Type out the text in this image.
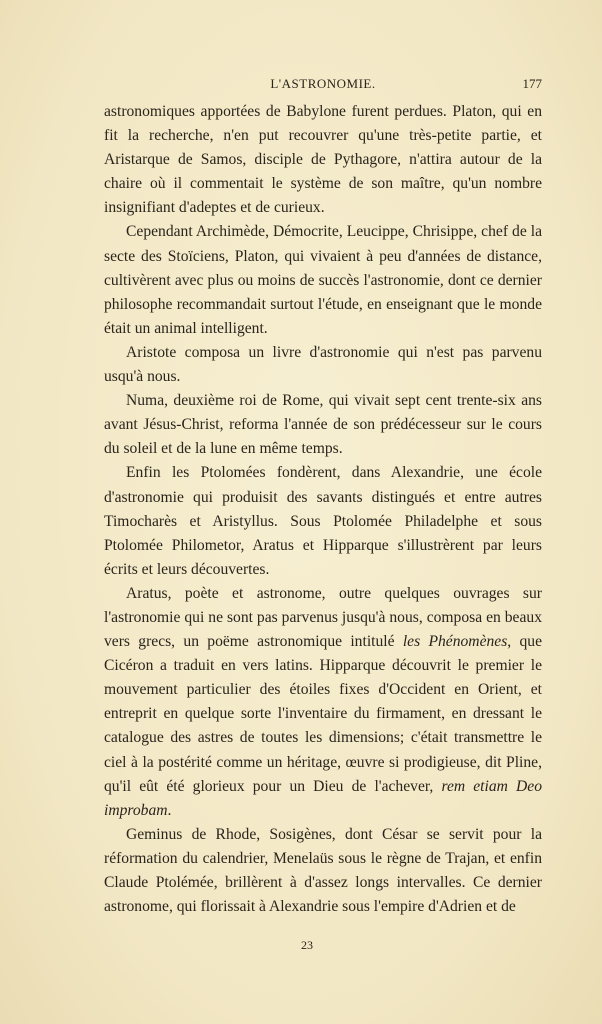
L'ASTRONOMIE.	177

astronomiques apportées de Babylone furent perdues. Platon, qui en fit la recherche, n'en put recouvrer qu'une très-petite partie, et Aristarque de Samos, disciple de Pythagore, n'attira autour de la chaire où il commentait le système de son maître, qu'un nombre insignifiant d'adeptes et de curieux.

Cependant Archimède, Démocrite, Leucippe, Chrisippe, chef de la secte des Stoïciens, Platon, qui vivaient à peu d'années de distance, cultivèrent avec plus ou moins de succès l'astronomie, dont ce dernier philosophe recommandait surtout l'étude, en enseignant que le monde était un animal intelligent.

Aristote composa un livre d'astronomie qui n'est pas parvenu usqu'à nous.

Numa, deuxième roi de Rome, qui vivait sept cent trente-six ans avant Jésus-Christ, reforma l'année de son prédécesseur sur le cours du soleil et de la lune en même temps.

Enfin les Ptolomées fondèrent, dans Alexandrie, une école d'astronomie qui produisit des savants distingués et entre autres Timocharès et Aristyllus. Sous Ptolomée Philadelphe et sous Ptolomée Philometor, Aratus et Hipparque s'illustrèrent par leurs écrits et leurs découvertes.

Aratus, poète et astronome, outre quelques ouvrages sur l'astronomie qui ne sont pas parvenus jusqu'à nous, composa en beaux vers grecs, un poëme astronomique intitulé les Phénomènes, que Cicéron a traduit en vers latins. Hipparque découvrit le premier le mouvement particulier des étoiles fixes d'Occident en Orient, et entreprit en quelque sorte l'inventaire du firmament, en dressant le catalogue des astres de toutes les dimensions; c'était transmettre le ciel à la postérité comme un héritage, œuvre si prodigieuse, dit Pline, qu'il eût été glorieux pour un Dieu de l'achever, rem etiam Deo improbam.

Geminus de Rhode, Sosigènes, dont César se servit pour la réformation du calendrier, Menelaüs sous le règne de Trajan, et enfin Claude Ptolémée, brillèrent à d'assez longs intervalles. Ce dernier astronome, qui florissait à Alexandrie sous l'empire d'Adrien et de

23
